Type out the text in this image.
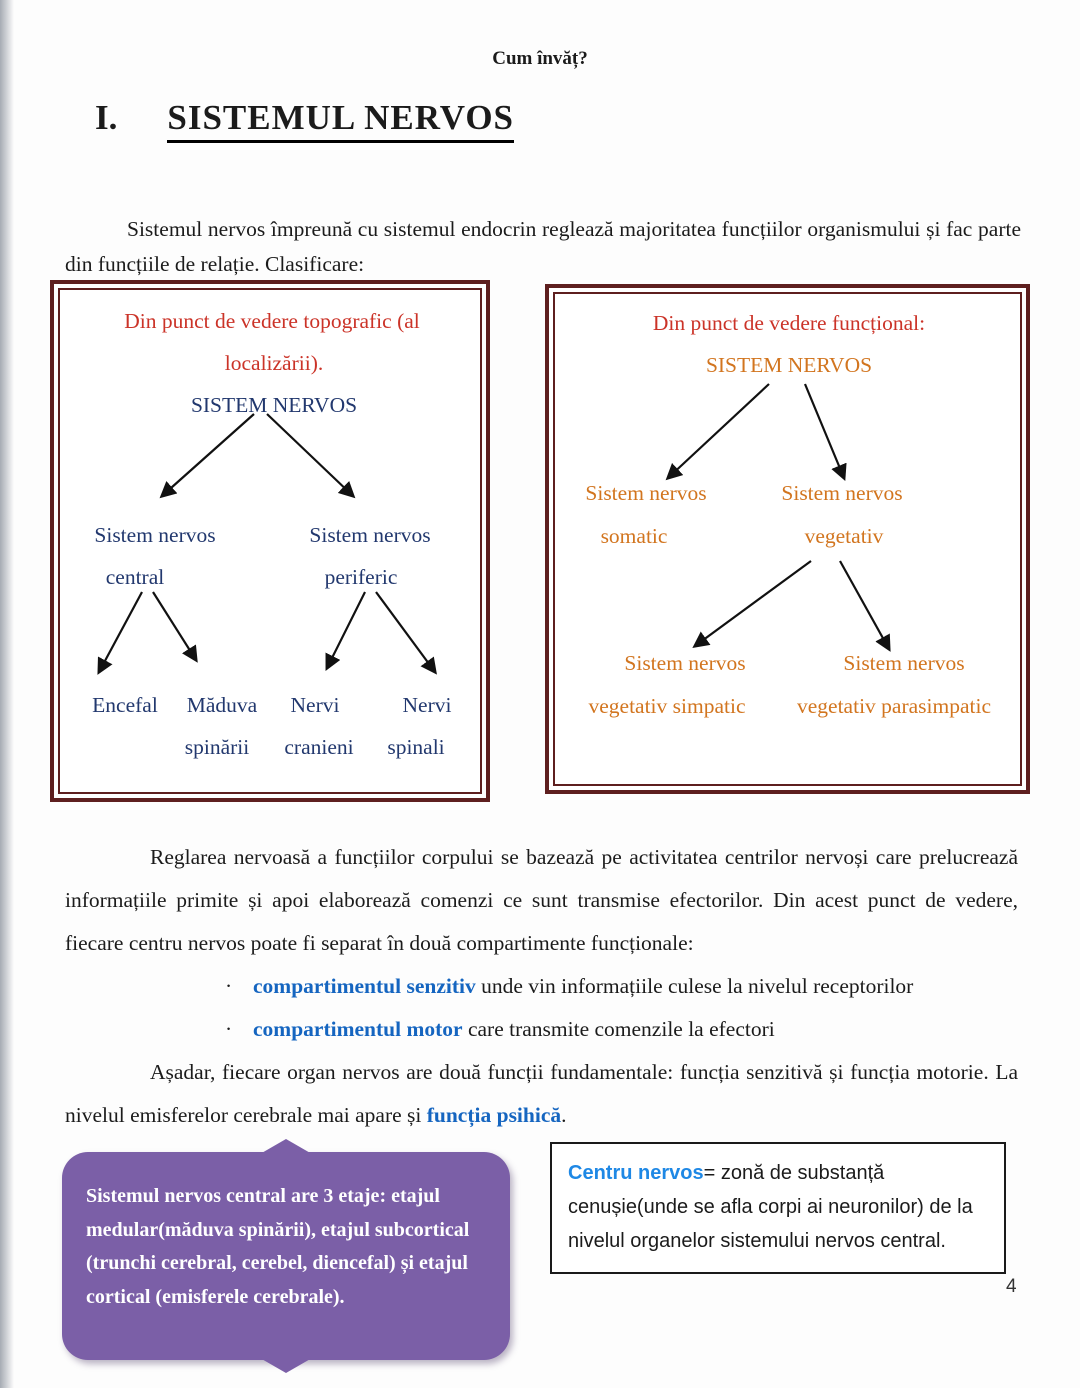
Cum învăț?
I. SISTEMUL NERVOS

Sistemul nervos împreună cu sistemul endocrin reglează majoritatea funcțiilor organismului și fac parte din funcțiile de relație. Clasificare:

Din punct de vedere topografic (al
localizării).
SISTEM NERVOS
Sistem nervos
central
Sistem nervos
periferic
Encefal Măduva
spinării
Nervi
cranieni
Nervi
spinali
Din punct de vedere funcțional:
SISTEM NERVOS
Sistem nervos
somatic
Sistem nervos
vegetativ
Sistem nervos
vegetativ simpatic
Sistem nervos
vegetativ parasimpatic

Reglarea nervoasă a funcțiilor corpului se bazează pe activitatea centrilor nervoși care prelucrează informațiile primite și apoi elaborează comenzi ce sunt transmise efectorilor. Din acest punct de vedere, fiecare centru nervos poate fi separat în două compartimente funcționale:

· compartimentul senzitiv unde vin informațiile culese la nivelul receptorilor
· compartimentul motor care transmite comenzile la efectori

Așadar, fiecare organ nervos are două funcții fundamentale: funcția senzitivă și funcția motorie. La nivelul emisferelor cerebrale mai apare și funcția psihică.

Sistemul nervos central are 3 etaje: etajul medular(măduva spinării), etajul subcortical (trunchi cerebral, cerebel, diencefal) și etajul cortical (emisferele cerebrale).
Centru nervos= zonă de substanță cenușie(unde se afla corpi ai neuronilor) de la nivelul organelor sistemului nervos central.
4
